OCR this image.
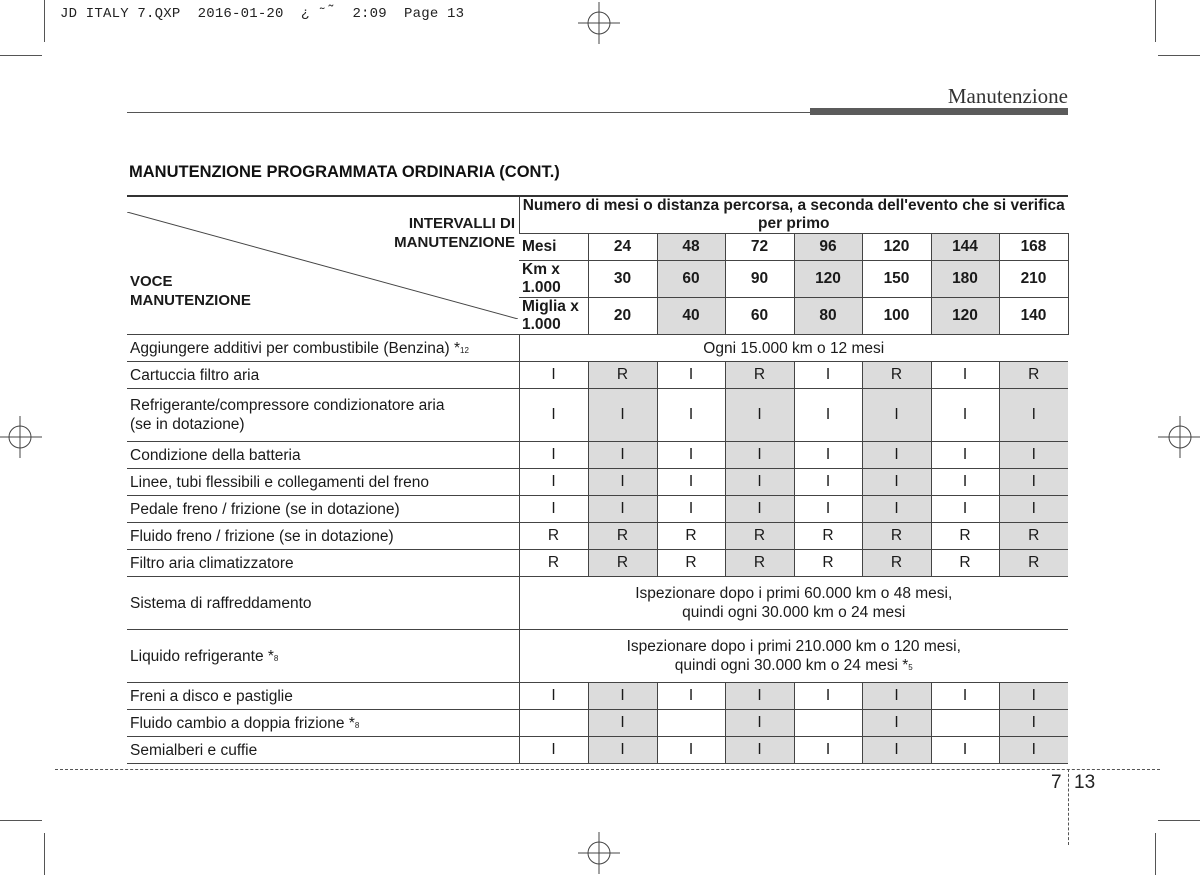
JD ITALY 7.QXP  2016-01-20  ¿ ˜ ̃  2:09  Page 13
Manutenzione
MANUTENZIONE PROGRAMMATA ORDINARIA (CONT.)
INTERVALLI DI
MANUTENZIONE
VOCE
MANUTENZIONE	Numero di mesi o distanza percorsa, a seconda dell'evento che si verifica per primo								
	Mesi	24	48	72	96	120	144	168	
	Km x 1.000	30	60	90	120	150	180	210	
	Miglia x 1.000	20	40	60	80	100	120	140	
Aggiungere additivi per combustibile (Benzina) *$^{12}$	Ogni 15.000 km o 12 mesi								

Cartuccia filtro aria	I	R	I	R	I	R	I	R	

Refrigerante/compressore condizionatore aria
(se in dotazione)	I	I	I	I	I	I	I	I	
Condizione della batteria	I	I	I	I	I	I	I	I	
Linee, tubi flessibili e collegamenti del freno	I	I	I	I	I	I	I	I	
Pedale freno / frizione (se in dotazione)	I	I	I	I	I	I	I	I	
Fluido freno / frizione (se in dotazione)	R	R	R	R	R	R	R	R	
Filtro aria climatizzatore	R	R	R	R	R	R	R	R	
Sistema di raffreddamento	Ispezionare dopo i primi 60.000 km o 48 mesi,
quindi ogni 30.000 km o 24 mesi								

Liquido refrigerante *$^8$	Ispezionare dopo i primi 210.000 km o 120 mesi,
quindi ogni 30.000 km o 24 mesi *$^5$

Freni a disco e pastiglie	I	I	I	I	I	I	I	I	
Fluido cambio a doppia frizione *$^8$		I		I		I		I	
Semialberi e cuffie	I	I	I	I	I	I	I	I	
7 13
